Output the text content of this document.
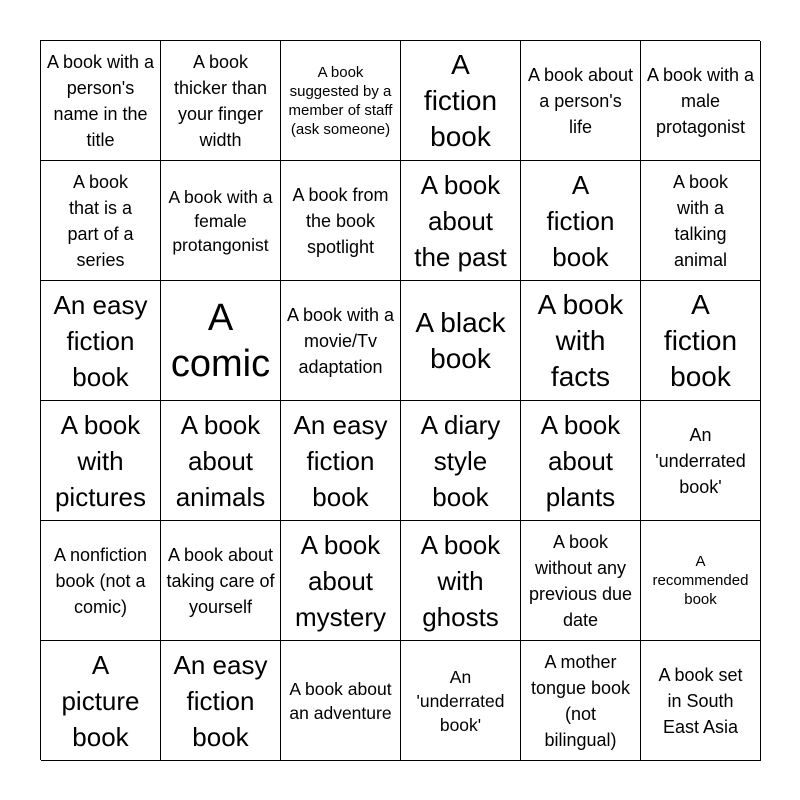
A book with a person's name in the title
A book thicker than your finger width
A book suggested by a member of staff (ask someone)
A
fiction
book
A book about a person's life
A book with a male protagonist
A book that is a part of a series
A book with a female protangonist
A book from the book spotlight
A book
about
the past
A
fiction
book
A book with a talking animal
An easy
fiction
book
A
comic
A book with a movie/Tv adaptation
A black
book
A book
with
facts
A
fiction
book
A book
with
pictures
A book
about
animals
An easy
fiction
book
A diary
style
book
A book
about
plants
An 'underrated book'
A nonfiction book (not a comic)
A book about taking care of yourself
A book
about
mystery
A book
with
ghosts
A book without any previous due date
A recommended book
A
picture
book
An easy
fiction
book
A book about an adventure
An 'underrated book'
A mother tongue book (not bilingual)
A book set in South East Asia
